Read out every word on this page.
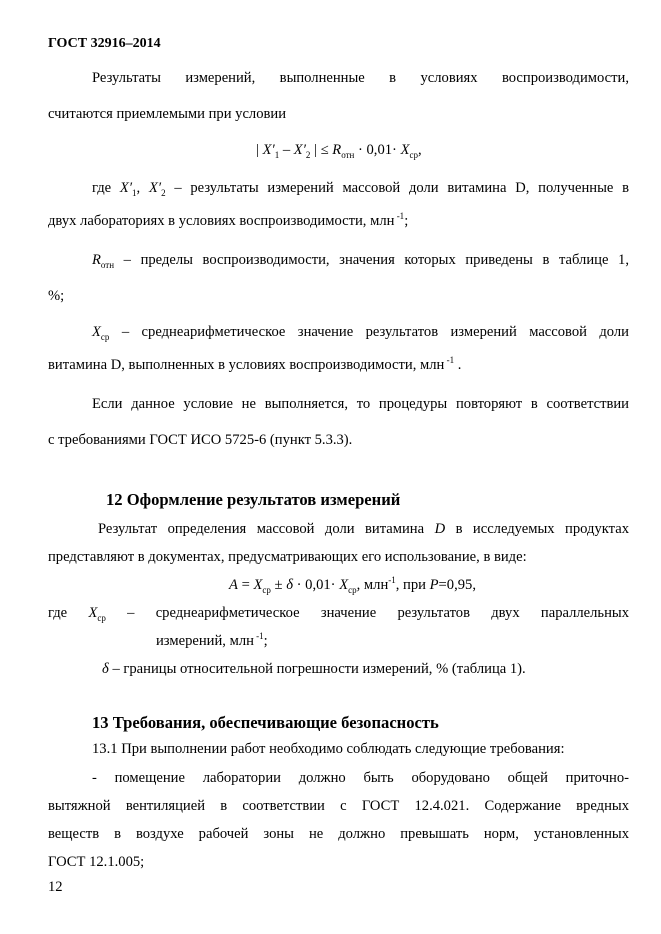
ГОСТ 32916–2014
Результаты измерений, выполненные в условиях воспроизводимости,
считаются приемлемыми при условии
| $X'_1 - X'_2$ | ≤ $R_{отн} \cdot 0,01\cdot X_{ср}$,
где $X'_1$, $X'_2$ – результаты измерений массовой доли витамина D, полученные в
двух лабораториях в условиях воспроизводимости, млн $^{-1}$;
$R_{отн}$ – пределы воспроизводимости, значения которых приведены в таблице 1,
%;
$X_{ср}$ – среднеарифметическое значение результатов измерений массовой доли
витамина D, выполненных в условиях воспроизводимости, млн $^{-1}$ .
Если данное условие не выполняется, то процедуры повторяют в соответствии
с требованиями ГОСТ ИСО 5725-6 (пункт 5.3.3).
12 Оформление результатов измерений
Результат определения массовой доли витамина D в исследуемых продуктах
представляют в документах, предусматривающих его использование, в виде:
$A = X_{ср} \pm \delta \cdot 0,01\cdot X_{ср}$, млн$^{-1}$, при P=0,95,
где $X_{ср}$ – среднеарифметическое значение результатов двух параллельных
измерений, млн $^{-1}$;
δ – границы относительной погрешности измерений, % (таблица 1).
13 Требования, обеспечивающие безопасность
13.1 При выполнении работ необходимо соблюдать следующие требования:
- помещение лаборатории должно быть оборудовано общей приточно-
вытяжной вентиляцией в соответствии с ГОСТ 12.4.021. Содержание вредных
веществ в воздухе рабочей зоны не должно превышать норм, установленных
ГОСТ 12.1.005;
12
